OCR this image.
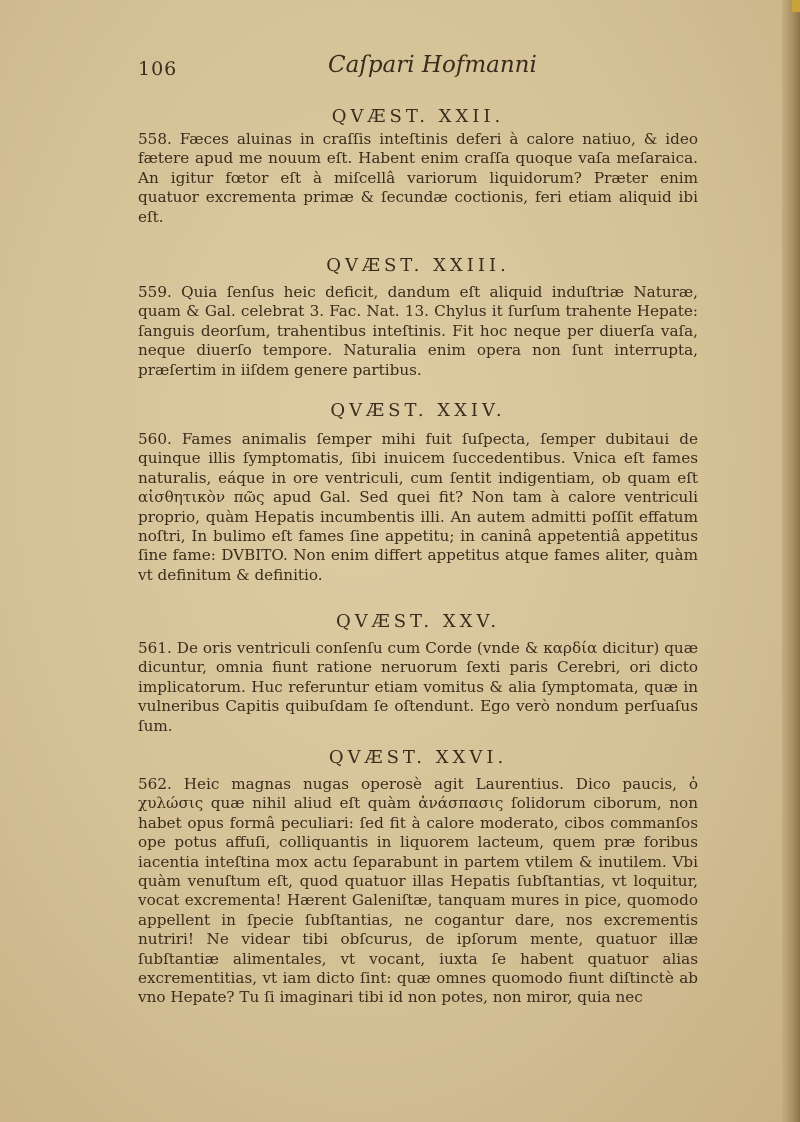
106	Caſpari Hofmanni
QVÆST. XXII.

558. Fæces aluinas in craſſis inteſtinis deferi à calore natiuo, & ideo fætere apud me nouum eſt. Habent enim craſſa quoque vaſa meſaraica. An igitur fœtor eſt à miſcellâ variorum liquidorum? Præter enim quatuor excrementa primæ & ſecundæ coctionis, feri etiam aliquid ibi eſt.

QVÆST. XXIII.

559. Quia ſenſus heic deficit, dandum eſt aliquid induſtriæ Naturæ, quam & Gal. celebrat 3. Fac. Nat. 13. Chylus it ſurſum trahente Hepate: ſanguis deorſum, trahentibus inteſtinis. Fit hoc neque per diuerſa vaſa, neque diuerſo tempore. Naturalia enim opera non ſunt interrupta, præſertim in iiſdem genere partibus.

QVÆST. XXIV.

560. Fames animalis ſemper mihi fuit ſuſpecta, ſemper dubitaui de quinque illis ſymptomatis, ſibi inuicem ſuccedentibus. Vnica eſt fames naturalis, eáque in ore ventriculi, cum ſentit indigentiam, ob quam eſt αἰσθητικὸν πῶς apud Gal. Sed quei fit? Non tam à calore ventriculi proprio, quàm Hepatis incumbentis illi. An autem admitti poſſit effatum noſtri, In bulimo eſt fames ſine appetitu; in caninâ appetentiâ appetitus ſine fame: DVBITO. Non enim differt appetitus atque fames aliter, quàm vt definitum & definitio.

QVÆST. XXV.

561. De oris ventriculi conſenſu cum Corde (vnde & καρδία dicitur) quæ dicuntur, omnia fiunt ratione neruorum ſexti paris Cerebri, ori dicto implicatorum. Huc referuntur etiam vomitus & alia ſymptomata, quæ in vulneribus Capitis quibuſdam ſe oſtendunt. Ego verò nondum perſuaſus ſum.

QVÆST. XXVI.

562. Heic magnas nugas operosè agit Laurentius. Dico paucis, ὁ χυλώσις quæ nihil aliud eſt quàm ἀνάσπασις ſolidorum ciborum, non habet opus formâ peculiari: ſed fit à calore moderato, cibos commanſos ope potus affuſi, colliquantis in liquorem lacteum, quem præ foribus iacentia inteſtina mox actu ſeparabunt in partem vtilem & inutilem. Vbi quàm venuſtum eſt, quod quatuor illas Hepatis ſubſtantias, vt loquitur, vocat excrementa! Hærent Galeniſtæ, tanquam mures in pice, quomodo appellent in ſpecie ſubſtantias, ne cogantur dare, nos excrementis nutriri! Ne videar tibi obſcurus, de ipſorum mente, quatuor illæ ſubſtantiæ alimentales, vt vocant, iuxta ſe habent quatuor alias excrementitias, vt iam dicto ſint: quæ omnes quomodo fiunt diſtinctè ab vno Hepate? Tu ſi imaginari tibi id non potes, non miror, quia nec
